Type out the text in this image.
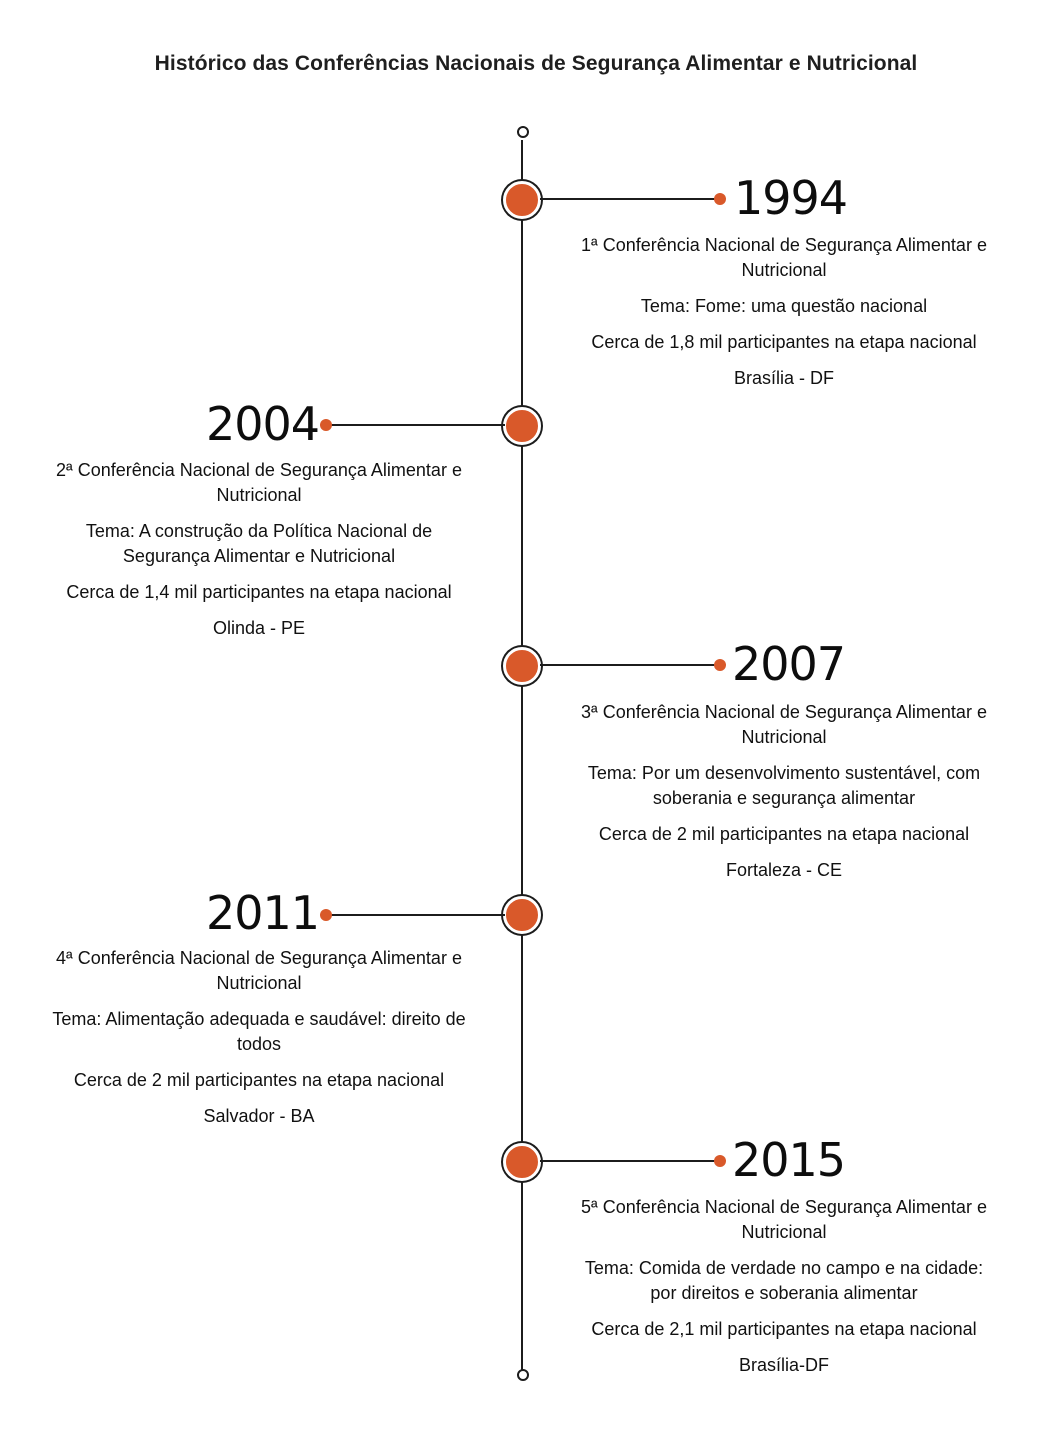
Histórico das Conferências Nacionais de Segurança Alimentar e Nutricional
1994

1ª Conferência Nacional de Segurança Alimentar e Nutricional

Tema: Fome: uma questão nacional

Cerca de 1,8 mil participantes na etapa nacional

Brasília - DF

2004

2ª Conferência Nacional de Segurança Alimentar e Nutricional

Tema: A construção da Política Nacional de Segurança Alimentar e Nutricional

Cerca de 1,4 mil participantes na etapa nacional

Olinda - PE

2007

3ª Conferência Nacional de Segurança Alimentar e Nutricional

Tema: Por um desenvolvimento sustentável, com soberania e segurança alimentar

Cerca de 2 mil participantes na etapa nacional

Fortaleza - CE

2011

4ª Conferência Nacional de Segurança Alimentar e Nutricional

Tema: Alimentação adequada e saudável: direito de todos

Cerca de 2 mil participantes na etapa nacional

Salvador - BA

2015

5ª Conferência Nacional de Segurança Alimentar e Nutricional

Tema: Comida de verdade no campo e na cidade: por direitos e soberania alimentar

Cerca de 2,1 mil participantes na etapa nacional

Brasília-DF
